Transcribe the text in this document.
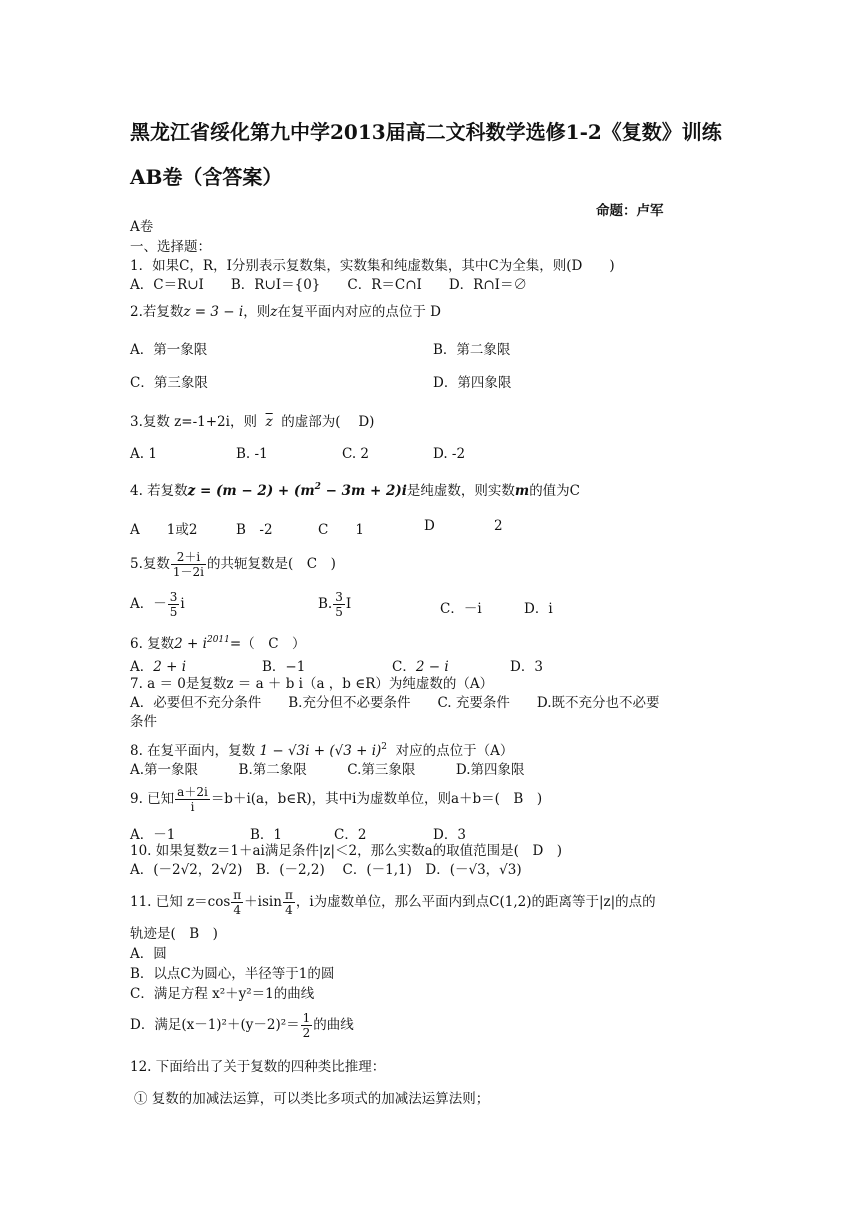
黑龙江省绥化第九中学2013届高二文科数学选修1-2《复数》训练
AB卷（含答案）
命题：卢军
A卷
一、选择题：
1．如果C，R，I分别表示复数集，实数集和纯虚数集，其中C为全集，则(D　　)
A．C＝R∪I　　B．R∪I＝{0}　　C．R＝C∩I　　D．R∩I＝∅
2.若复数z = 3 − i，则z在复平面内对应的点位于 D
A．第一象限	B．第二象限
C．第三象限	D．第四象限
3.复数 z=-1+2i，则 $\overline{z}$ 的虚部为(　 D)
A. 1	B. -1	C. 2	D. -2
4. 若复数$z = (m - 2) + (m^2 - 3m + 2)i$是纯虚数，则实数m的值为C
A　　1或2	B　-2	C　　1	D	2
5.复数 $\frac{2+i}{1-2i}$ 的共轭复数是(　C　)
A．－ $\frac{3}{5}$ i	B. $\frac{3}{5}$ I	C．－i	D．i
6. 复数$2 + i^{2011}=$（　C　）
A．2 + i	B．−1	C．2 − i	D．3
7. a ＝ 0是复数z ＝ a ＋ b i（a ，b ∈R）为纯虚数的（A）
A．必要但不充分条件　　B.充分但不必要条件　　C. 充要条件　　D.既不充分也不必要
条件
8. 在复平面内，复数 $1 - √3i + (√3 + i)^2$ 对应的点位于（A）
A.第一象限　　　B.第二象限　　　C.第三象限　　　D.第四象限
9. 已知 $\frac{a+2i}{i} =b+i(a$，b∈R)，其中i为虚数单位，则a＋b＝(　B　)
A．－1	B．1	C．2	D．3
10. 如果复数z＝1＋ai满足条件|z|＜2，那么实数a的取值范围是(　D　)
A．(－2√2，2√2)　B．(－2,2)　 C．(－1,1)　D．(－√3，√3)
11. 已知 $z=\cos \frac{\pi}{4} +isin \frac{\pi}{4}$ ，i为虚数单位，那么平面内到点C(1,2)的距离等于|z|的点的
轨迹是(　B　)
A．圆
B．以点C为圆心，半径等于1的圆
C．满足方程 x²＋y²＝1的曲线
D．满足$(x-1)^2+(y-2)^2= \frac{1}{2}$ 的曲线
12. 下面给出了关于复数的四种类比推理：
① 复数的加减法运算，可以类比多项式的加减法运算法则；
